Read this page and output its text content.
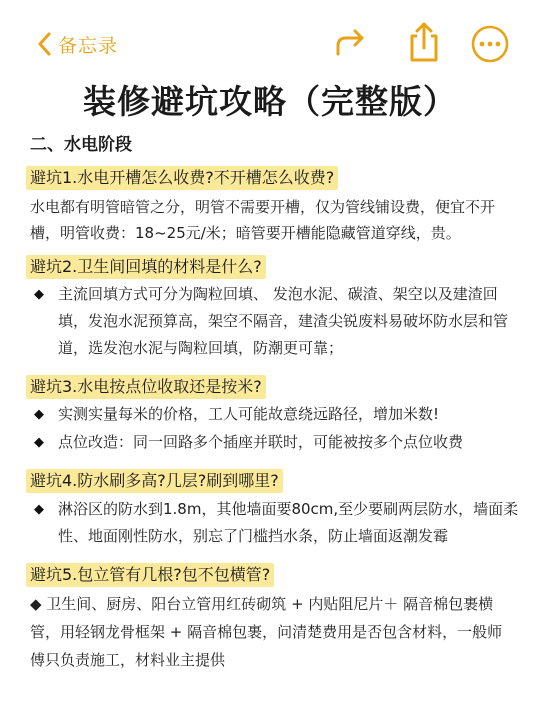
备忘录
装修避坑攻略（完整版）
二、水电阶段
避坑1.水电开槽怎么收费?不开槽怎么收费?
水电都有明管暗管之分，明管不需要开槽，仅为管线铺设费，便宜不开槽，明管收费：18~25元/米；暗管要开槽能隐藏管道穿线，贵。
避坑2.卫生间回填的材料是什么?
◆ 主流回填方式可分为陶粒回填、 发泡水泥、碳渣、架空以及建渣回填，发泡水泥预算高，架空不隔音，建渣尖锐废料易破坏防水层和管道，选发泡水泥与陶粒回填，防潮更可靠；
避坑3.水电按点位收取还是按米?
◆ 实测实量每米的价格，工人可能故意绕远路径，增加米数!
◆ 点位改造：同一回路多个插座并联时，可能被按多个点位收费
避坑4.防水刷多高?几层?刷到哪里?
◆ 淋浴区的防水到1.8m，其他墙面要80cm,至少要刷两层防水，墙面柔性、地面刚性防水，别忘了门槛挡水条，防止墙面返潮发霉
避坑5.包立管有几根?包不包横管?
◆ 卫生间、厨房、阳台立管用红砖砌筑 + 内贴阻尼片＋ 隔音棉包裹横管，用轻钢龙骨框架 + 隔音棉包裹，问清楚费用是否包含材料，一般师傅只负责施工，材料业主提供
